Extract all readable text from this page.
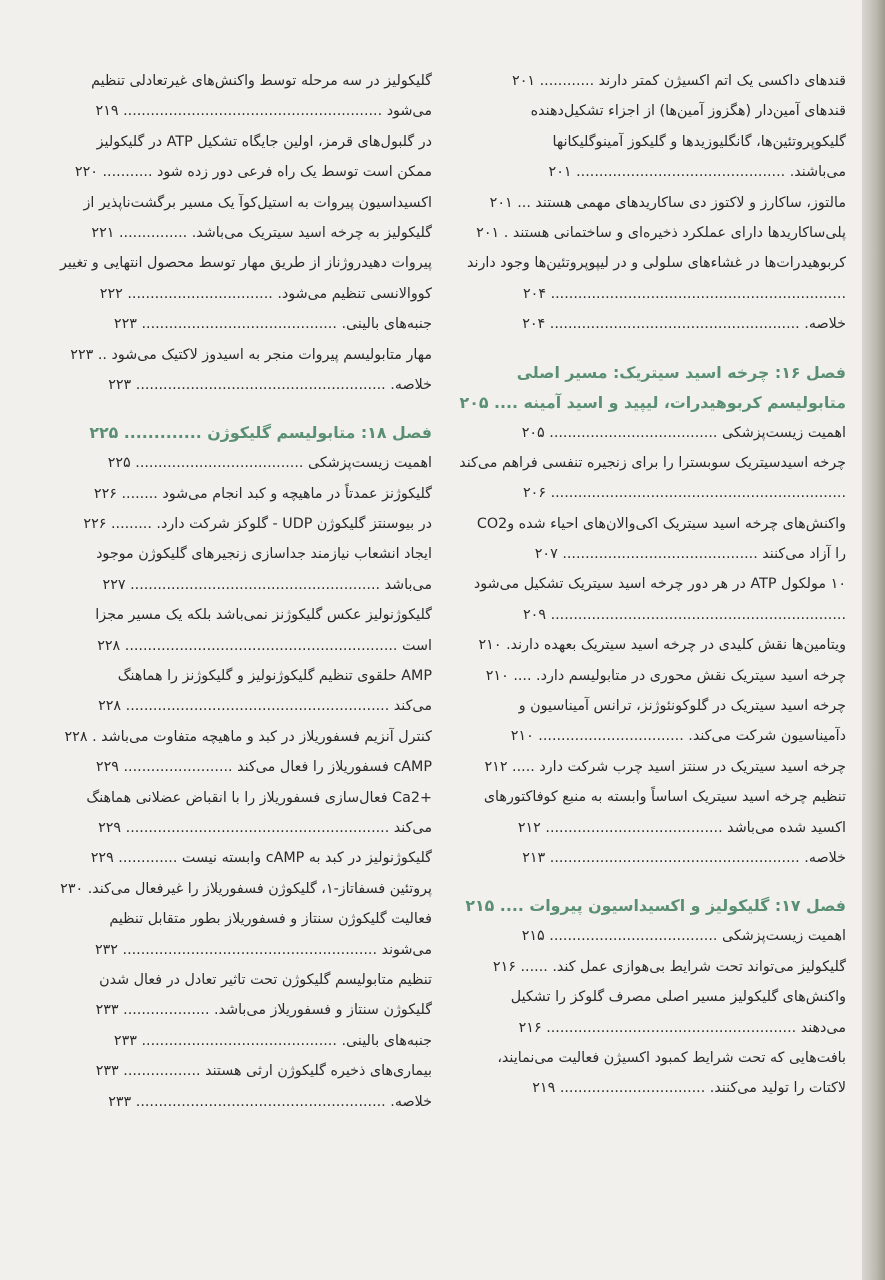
قندهای داکسی یک اتم اکسیژن کمتر دارند ............ ۲۰۱
قندهای آمین‌دار (هگزوز آمین‌ها) از اجزاء تشکیل‌دهنده
گلیکوپروتئین‌ها، گانگلیوزیدها و گلیکوز آمینوگلیکانها
می‌باشند. .............................................. ۲۰۱
مالتوز، ساکارز و لاکتوز دی ساکاریدهای مهمی هستند ... ۲۰۱
پلی‌ساکاریدها دارای عملکرد ذخیره‌ای و ساختمانی هستند . ۲۰۱
کربوهیدرات‌ها در غشاءهای سلولی و در لیپوپروتئین‌ها وجود دارند
................................................................. ۲۰۴
خلاصه. ....................................................... ۲۰۴
فصل ۱۶: چرخه اسید سیتریک: مسیر اصلی
متابولیسم کربوهیدرات، لیپید و اسید آمینه .... ۲۰۵
اهمیت زیست‌پزشکی ..................................... ۲۰۵
چرخه اسیدسیتریک سوبسترا را برای زنجیره تنفسی فراهم می‌کند
................................................................. ۲۰۶
واکنش‌های چرخه اسید سیتریک اکی‌والان‌های احیاء شده وCO2
را آزاد می‌کنند ........................................... ۲۰۷
۱۰ مولکول ATP در هر دور چرخه اسید سیتریک تشکیل می‌شود
................................................................. ۲۰۹
ویتامین‌ها نقش کلیدی در چرخه اسید سیتریک بعهده دارند. ۲۱۰
چرخه اسید سیتریک نقش محوری در متابولیسم دارد. .... ۲۱۰
چرخه اسید سیتریک در گلوکونئوژنز، ترانس آمیناسیون و
دآمیناسیون شرکت می‌کند. ................................ ۲۱۰
چرخه اسید سیتریک در سنتز اسید چرب شرکت دارد ..... ۲۱۲
تنظیم چرخه اسید سیتریک اساساً وابسته به منبع کوفاکتورهای
اکسید شده می‌باشد ....................................... ۲۱۲
خلاصه. ....................................................... ۲۱۳
فصل ۱۷: گلیکولیز و اکسیداسیون پیروات .... ۲۱۵
اهمیت زیست‌پزشکی ..................................... ۲۱۵
گلیکولیز می‌تواند تحت شرایط بی‌هوازی عمل کند. ...... ۲۱۶
واکنش‌های گلیکولیز مسیر اصلی مصرف گلوکز را تشکیل
می‌دهند ....................................................... ۲۱۶
بافت‌هایی که تحت شرایط کمبود اکسیژن فعالیت می‌نمایند،
لاکتات را تولید می‌کنند. ................................ ۲۱۹
گلیکولیز در سه مرحله توسط واکنش‌های غیرتعادلی تنظیم
می‌شود ......................................................... ۲۱۹
در گلبول‌های قرمز، اولین جایگاه تشکیل ATP در گلیکولیز
ممکن است توسط یک راه فرعی دور زده شود ........... ۲۲۰
اکسیداسیون پیروات به استیل‌کوآ یک مسیر برگشت‌ناپذیر از
گلیکولیز به چرخه اسید سیتریک می‌باشد. ............... ۲۲۱
پیروات دهیدروژناز از طریق مهار توسط محصول انتهایی و تغییر
کووالانسی تنظیم می‌شود. ................................ ۲۲۲
جنبه‌های بالینی. ........................................... ۲۲۳
مهار متابولیسم پیروات منجر به اسیدوز لاکتیک می‌شود .. ۲۲۳
خلاصه. ....................................................... ۲۲۳
فصل ۱۸: متابولیسم گلیکوژن ............. ۲۲۵
اهمیت زیست‌پزشکی ..................................... ۲۲۵
گلیکوژنز عمدتاً در ماهیچه و کبد انجام می‌شود ........ ۲۲۶
در بیوسنتز گلیکوژن UDP - گلوکز شرکت دارد. ......... ۲۲۶
ایجاد انشعاب نیازمند جداسازی زنجیرهای گلیکوژن موجود
می‌باشد ....................................................... ۲۲۷
گلیکوژنولیز عکس گلیکوژنز نمی‌باشد بلکه یک مسیر مجزا
است ............................................................ ۲۲۸
AMP حلقوی تنظیم گلیکوژنولیز و گلیکوژنز را هماهنگ
می‌کند .......................................................... ۲۲۸
کنترل آنزیم فسفوریلاز در کبد و ماهیچه متفاوت می‌باشد . ۲۲۸
cAMP فسفوریلاز را فعال می‌کند ........................ ۲۲۹
+Ca2 فعال‌سازی فسفوریلاز را با انقباض عضلانی هماهنگ
می‌کند .......................................................... ۲۲۹
گلیکوژنولیز در کبد به cAMP وابسته نیست ............. ۲۲۹
پروتئین فسفاتاز-۱، گلیکوژن فسفوریلاز را غیرفعال می‌کند. ۲۳۰
فعالیت گلیکوژن سنتاز و فسفوریلاز بطور متقابل تنظیم
می‌شوند ........................................................ ۲۳۲
تنظیم متابولیسم گلیکوژن تحت تاثیر تعادل در فعال شدن
گلیکوژن سنتاز و فسفوریلاز می‌باشد. ................... ۲۳۳
جنبه‌های بالینی. ........................................... ۲۳۳
بیماری‌های ذخیره گلیکوژن ارثی هستند ................. ۲۳۳
خلاصه. ....................................................... ۲۳۳
